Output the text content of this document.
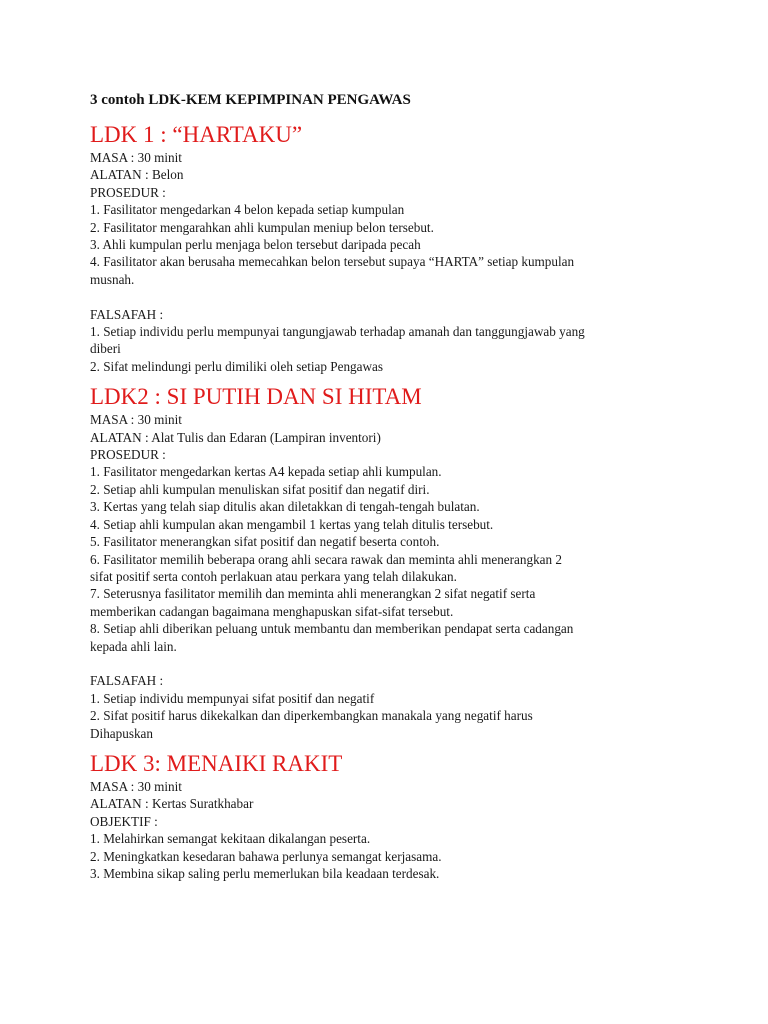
3 contoh LDK-KEM KEPIMPINAN PENGAWAS

LDK 1 : “HARTAKU”

MASA : 30 minit

ALATAN : Belon

PROSEDUR :

1. Fasilitator mengedarkan 4 belon kepada setiap kumpulan

2. Fasilitator mengarahkan ahli kumpulan meniup belon tersebut.

3. Ahli kumpulan perlu menjaga belon tersebut daripada pecah

4. Fasilitator akan berusaha memecahkan belon tersebut supaya “HARTA” setiap kumpulan

musnah.

FALSAFAH :

1. Setiap individu perlu mempunyai tangungjawab terhadap amanah dan tanggungjawab yang

diberi

2. Sifat melindungi perlu dimiliki oleh setiap Pengawas

LDK2 : SI PUTIH DAN SI HITAM

MASA : 30 minit

ALATAN : Alat Tulis dan Edaran (Lampiran inventori)

PROSEDUR :

1. Fasilitator mengedarkan kertas A4 kepada setiap ahli kumpulan.

2. Setiap ahli kumpulan menuliskan sifat positif dan negatif diri.

3. Kertas yang telah siap ditulis akan diletakkan di tengah-tengah bulatan.

4. Setiap ahli kumpulan akan mengambil 1 kertas yang telah ditulis tersebut.

5. Fasilitator menerangkan sifat positif dan negatif beserta contoh.

6. Fasilitator memilih beberapa orang ahli secara rawak dan meminta ahli menerangkan 2

sifat positif serta contoh perlakuan atau perkara yang telah dilakukan.

7. Seterusnya fasilitator memilih dan meminta ahli menerangkan 2 sifat negatif serta

memberikan cadangan bagaimana menghapuskan sifat-sifat tersebut.

8. Setiap ahli diberikan peluang untuk membantu dan memberikan pendapat serta cadangan

kepada ahli lain.

FALSAFAH :

1. Setiap individu mempunyai sifat positif dan negatif

2. Sifat positif harus dikekalkan dan diperkembangkan manakala yang negatif harus

Dihapuskan

LDK 3: MENAIKI RAKIT

MASA : 30 minit

ALATAN : Kertas Suratkhabar

OBJEKTIF :

1. Melahirkan semangat kekitaan dikalangan peserta.

2. Meningkatkan kesedaran bahawa perlunya semangat kerjasama.

3. Membina sikap saling perlu memerlukan bila keadaan terdesak.
